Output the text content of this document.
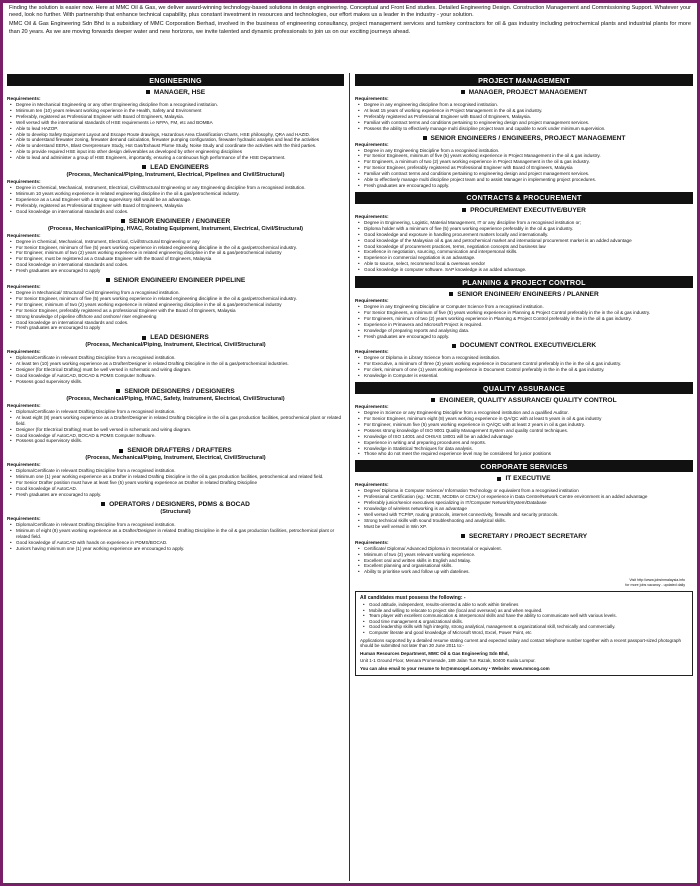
Finding the solution is easier now. Here at MMC Oil & Gas, we deliver award-winning technology-based solutions in design engineering. Conceptual and Front End studies. Detailed Engineering Design. Construction Management and Commissioning Support. Whatever your need, look no further. With partnership that enhance technical capability, plus constant investment in resources and technologies, our effort makes us a leader in the industry - your solution.

MMC Oil & Gas Engineering Sdn Bhd is a subsidiary of MMC Corporation Berhad, involved in the business of engineering consultancy, project management services and turnkey contractors for oil & gas industry including petrochemical plants and industrial plants for more than 20 years. As we are moving forwards deeper water and new horizons, we invite talented and dynamic professionals to join us on our exciting journeys ahead.

ENGINEERING
MANAGER, HSE
Requirements:
• Degree in Mechanical Engineering or any other Engineering discipline from a recognised institution.
• Minimum ten (10) years relevant working experience in the Health, Safety and Environment
• Preferably, registered as Professional Engineer with Board of Engineers, Malaysia.
• Well versed with the international standards of HSE requirements i.e NFPA, FM, etc and BOMBA
• Able to lead HAZOP.
• Able to develop Safety Equipment Layout and Escape Route drawings, Hazardous Area Classification Charts, HSE philosophy, QRA and HAZID.
• Able to understand firewater zoning, firewater demand calculation, firewater pumping configuration, firewater hydraulic analysis and lead the activities
• Able to understand EERA, Blast Overpressure Study, Hot Gas/Exhaust Plume Study, Noise Study and coordinate the activities with the third parties.
• Able to provide required HSE input into other design deliverables as developed by other engineering disciplines
• Able to lead and administer a group of HSE Engineers, importantly, ensuring a continuous high performance of the HSE Department.
LEAD ENGINEERS
(Process, Mechanical/Piping, Instrument, Electrical, Pipelines and Civil/Structural)
Requirements:
• Degree in Chemical, Mechanical, Instrument, Electrical, Civil/Structural Engineering or any Engineering discipline from a recognised institution.
• Minimum 10 years working experience in related engineering discipline in the oil & gas/petrochemical industry.
• Experience as a Lead Engineer with a strong supervisory skill would be an advantage.
• Preferably, registered as Professional Engineer with Board of Engineers, Malaysia
• Good knowledge on international standards and codes.
SENIOR ENGINEER / ENGINEER
(Process, Mechanical/Piping, HVAC, Rotating Equipment, Instrument, Electrical, Civil/Structural)
Requirements:
• Degree in Chemical, Mechanical, Instrument, Electrical, Civil/Structural Engineering or any
• For Senior Engineer, minimum of five (5) years working experience in related engineering discipline in the oil & gas/petrochemical industry.
• For Engineer, minimum of two (2) years working experience in related engineering discipline in the oil & gas/petrochemical industry
• For Engineer, must be registered as a Graduate Engineer with the Board of Engineers, Malaysia
• Good knowledge on international standards and codes.
• Fresh graduates are encouraged to apply
SENIOR ENGINEER/ ENGINEER PIPELINE
Requirements:
• Degree in Mechanical/ Structural/ Civil Engineering from a recognised institution.
• For Senior Engineer, minimum of five (5) years working experience in related engineering discipline in the oil & gas/petrochemical industry.
• For Engineer, minimum of two (2) years working experience in related engineering discipline in the oil & gas/petrochemical industry
• For Senior Engineer, preferably registered as a professional Engineer with the Board of Engineers, Malaysia
• Strong knowledge of pipeline offshore and onshore/ riser engineering
• Good knowledge on international standards and codes.
• Fresh graduates are encouraged to apply
LEAD DESIGNERS
(Process, Mechanical/Piping, Instrument, Electrical, Civil/Structural)
Requirements:
• Diploma/Certificate in relevant Drafting Discipline from a recognised institution.
• At least ten (10) years working experience as a Drafter/Designer in related Drafting Discipline in the oil & gas/petrochemical industries.
• Designer (for Electrical Drafting) must be well versed in schematic and wiring diagram.
• Good knowledge of AutoCAD, BOCAD & PDMS Computer Software.
• Possess good supervisory skills.
SENIOR DESIGNERS / DESIGNERS
(Process, Mechanical/Piping, HVAC, Safety, Instrument, Electrical, Civil/Structural)
Requirements:
• Diploma/Certificate in relevant Drafting Discipline from a recognised institution.
• At least eight (8) years working experience as a Drafter/Designer in related Drafting Discipline in the oil & gas production facilities, petrochemical plant or related field.
• Designer (for Electrical Drafting) must be well versed in schematic and wiring diagram.
• Good knowledge of AutoCAD, BOCAD & PDMS Computer Software.
• Possess good supervisory skills.
SENIOR DRAFTERS / DRAFTERS
(Process, Mechanical/Piping, Instrument, Electrical, Civil/Structural)
Requirements:
• Diploma/Certificate in relevant Drafting Discipline from a recognised institution.
• Minimum one (1) year working experience as a Drafter in related Drafting Discipline in the oil & gas production facilities, petrochemical and related field.
• For Senior Drafter position must have at least five (5) years working experience as Drafter in related Drafting Discipline
• Good knowledge of AutoCAD.
• Fresh graduates are encouraged to apply.
OPERATORS / DESIGNERS, PDMS & BOCAD
(Structural)
Requirements:
• Diploma/Certificate in relevant Drafting Discipline from a recognised institution.
• Minimum of eight (8) years working experience as a Drafter/Designer in related Drafting Discipline in the oil & gas production facilities, petrochemical plant or related field.
• Good knowledge of AutoCAD with hands on experience in PDMS/BOCAD.
• Juniors having minimum one (1) year working experience are encouraged to apply.
PROJECT MANAGEMENT
MANAGER, PROJECT MANAGEMENT
Requirements:
• Degree in any engineering discipline from a recognised institution.
• At least 15 years of working experience in Project Management in the oil & gas industry.
• Preferably registered as Professional Engineer with Board of Engineers, Malaysia.
• Familiar with contract terms and conditions pertaining to engineering design and project management services.
• Possess the ability to effectively manage multi discipline project team and capable to work under minimum supervision.
SENIOR ENGINEERS / ENGINEERS, PROJECT MANAGEMENT
Requirements:
• Degree in any Engineering Discipline from a recognised institution.
• For Senior Engineers, minimum of five (5) years working experience in Project Management in the oil & gas industry.
• For Engineers, a minimum of two (2) years working experience in Project Management in the oil & gas industry.
• For Senior Engineer, preferably registered as Professional Engineer with Board of Engineers, Malaysia
• Familiar with contract terms and conditions pertaining to engineering design and project management services.
• Able to effectively manage multi discipline project team and to assist Manager in implementing project procedures.
• Fresh graduates are encouraged to apply.
CONTRACTS & PROCUREMENT
PROCUREMENT EXECUTIVE/BUYER
Requirements:
• Degree in Engineering, Logistic, Material Management, IT or any discipline from a recognised institution or;
• Diploma holder with a minimum of five (5) years working experience preferably in the oil & gas industry.
• Good knowledge and exposure in handling procurement matters locally and internationally.
• Good knowledge of the Malaysian oil & gas and petrochemical market and international procurement market is an added advantage
• Good knowledge of procurement practices, terms, negotiation concepts and business law
• Excellence in negotiation, sourcing, communication and interpersonal skills.
• Experience in commercial negotiation is an advantage.
• Able to source, select, recommend local & overseas vendor
• Good knowledge in computer software. SAP knowledge is an added advantage.
PLANNING & PROJECT CONTROL
SENIOR ENGINEER/ ENGINEERS / PLANNER
Requirements:
• Degree in any Engineering Discipline or Computer Science from a recognised institution.
• For Senior Engineers, a minimum of five (5) years working experience in Planning & Project Control preferably in the in the oil & gas industry.
• For Engineers, minimum of two (2) years working experience in Planning & Project Control preferably in the in the oil & gas industry.
• Experience in Primavera and Microsoft Project is required.
• Knowledge of preparing reports and analysing data.
• Fresh graduates are encouraged to apply.
DOCUMENT CONTROL EXECUTIVE/CLERK
Requirements:
• Degree or Diploma in Library Science from a recognised institution.
• For Executive, a minimum of three (3) years working experience in Document Control preferably in the in the oil & gas industry.
• For clerk, minimum of one (1) years working experience in Document Control preferably in the in the oil & gas industry.
• Knowledge in Computer is essential.
QUALITY ASSURANCE
ENGINEER, QUALITY ASSURANCE/ QUALITY CONTROL
Requirements:
• Degree in Science or any Engineering Discipline from a recognised institution and a qualified Auditor.
• For Senior Engineer, minimum eight (8) years working experience in QA/QC with at least 5 years in oil & gas industry
• For Engineer, minimum five (5) years working experience in QA/QC with at least 2 years in oil & gas industry.
• Possess strong knowledge of ISO 9001 Quality Management System and quality control techniques.
• Knowledge of ISO 14001 and OHSAS 18001 will be an added advantage
• Experience in writing and preparing procedures and reports.
• Knowledge in Statistical Techniques for data analysis.
• Those who do not meet the required experience level may be considered for junior positions
CORPORATE SERVICES
IT EXECUTIVE
Requirements:
• Degree/ Diploma in Computer Science/ Information Technology or equivalent from a recognised institution
• Professional Certification (eg.: MCSE, MCDBA or CCNA) or experience in Data Centre/Network Centre environment is an added advantage
• Preferably junior/senior executives specializing in IT/Computer Network/System/Database
• Knowledge of wireless networking is an advantage
• Well versed with TCP/IP, routing protocols, internet connectivity, firewalls and security protocols.
• Strong technical skills with sound troubleshooting and analytical skills.
• Must be well versed in Win XP.
SECRETARY / PROJECT SECRETARY
Requirements:
• Certificate/ Diploma/ Advanced Diploma in Secretarial or equivalent.
• Minimum of two (2) years relevant working experience.
• Excellent oral and written skills in English and Malay.
• Excellent planning and organisational skills.
• Ability to prioritise work and follow up with datelines.
Visit http://www.jobsinmalaysia.info
for more jobs vacancy - updated daily
All candidates must possess the following: -
• Good attitude, independent, results-oriented & able to work within timelines
• Mobile and willing to relocate to project site (local and overseas) as and when required.
• Team player with excellent communication & interpersonal skills and have the ability to communicate well with various levels.
• Good time management & organizational skills.
• Good leadership skills with high integrity, strong analytical, management & organizational skill, technically and commercially.
• Computer literate and good knowledge of Microsoft Word, Excel, Power Point, etc

Applications supported by a detailed resume stating current and expected salary and contact telephone number together with a recent passport-sized photograph should be submitted not later than 30 June 2011 to:-

Human Resources Department, MMC Oil & Gas Engineering Sdn Bhd,

Unit 1-1 Ground Floor, Menara Promenade, 189 Jalan Tun Razak, 50400 Kuala Lumpur.

You can also email to your resume to hr@mmcogel.com.my • Website: www.mmcog.com
